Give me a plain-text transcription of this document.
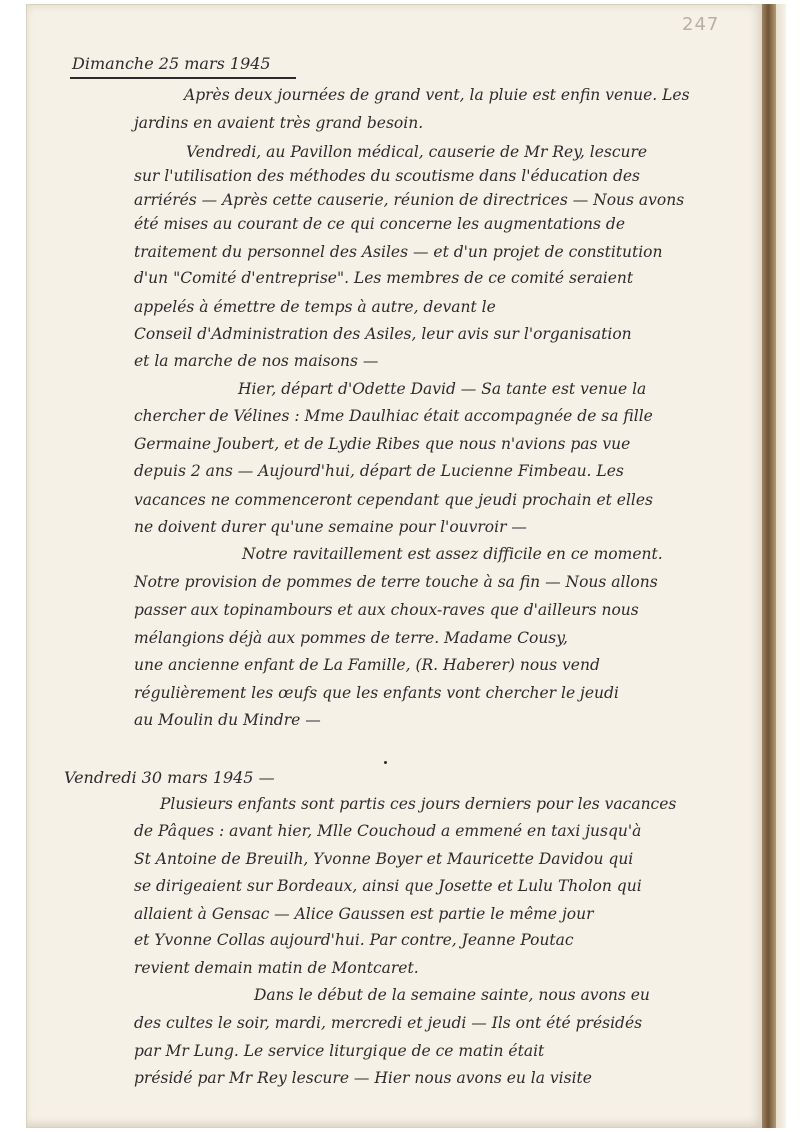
247
Dimanche 25 mars 1945
Après deux journées de grand vent, la pluie est enfin venue. Les
jardins en avaient très grand besoin.
Vendredi, au Pavillon médical, causerie de Mr Rey, lescure
sur l'utilisation des méthodes du scoutisme dans l'éducation des
arriérés — Après cette causerie, réunion de directrices — Nous avons
été mises au courant de ce qui concerne les augmentations de
traitement du personnel des Asiles — et d'un projet de constitution
d'un "Comité d'entreprise". Les membres de ce comité seraient
appelés à émettre de temps à autre, devant le
Conseil d'Administration des Asiles, leur avis sur l'organisation
et la marche de nos maisons —
Hier, départ d'Odette David — Sa tante est venue la
chercher de Vélines : Mme Daulhiac était accompagnée de sa fille
Germaine Joubert, et de Lydie Ribes que nous n'avions pas vue
depuis 2 ans — Aujourd'hui, départ de Lucienne Fimbeau. Les
vacances ne commenceront cependant que jeudi prochain et elles
ne doivent durer qu'une semaine pour l'ouvroir —
Notre ravitaillement est assez difficile en ce moment.
Notre provision de pommes de terre touche à sa fin — Nous allons
passer aux topinambours et aux choux-raves que d'ailleurs nous
mélangions déjà aux pommes de terre. Madame Cousy,
une ancienne enfant de La Famille, (R. Haberer) nous vend
régulièrement les œufs que les enfants vont chercher le jeudi
au Moulin du Mindre —
Vendredi 30 mars 1945 —
Plusieurs enfants sont partis ces jours derniers pour les vacances
de Pâques : avant hier, Mlle Couchoud a emmené en taxi jusqu'à
St Antoine de Breuilh, Yvonne Boyer et Mauricette Davidou qui
se dirigeaient sur Bordeaux, ainsi que Josette et Lulu Tholon qui
allaient à Gensac — Alice Gaussen est partie le même jour
et Yvonne Collas aujourd'hui. Par contre, Jeanne Poutac
revient demain matin de Montcaret.
Dans le début de la semaine sainte, nous avons eu
des cultes le soir, mardi, mercredi et jeudi — Ils ont été présidés
par Mr Lung. Le service liturgique de ce matin était
présidé par Mr Rey lescure — Hier nous avons eu la visite
